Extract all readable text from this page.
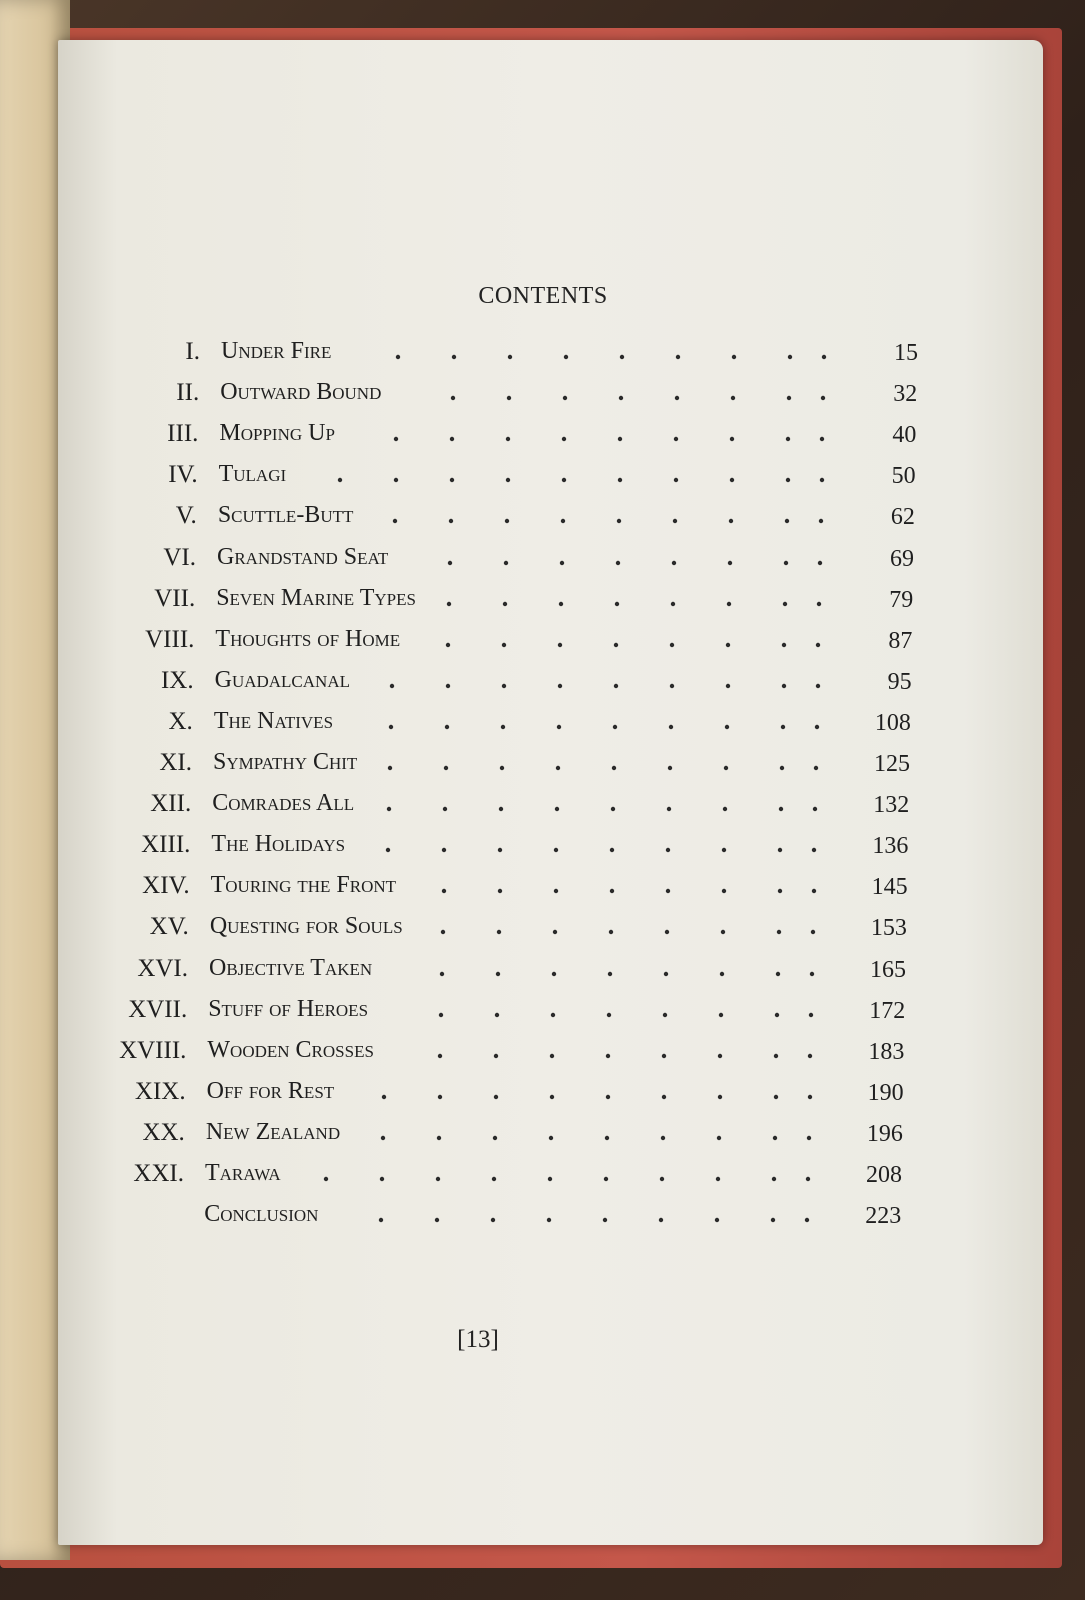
CONTENTS
I. Under Fire	15
II. Outward Bound	32
III. Mopping Up	40
IV. Tulagi	50
V. Scuttle-Butt	62
VI. Grandstand Seat	69
VII. Seven Marine Types	79
VIII. Thoughts of Home	87
IX. Guadalcanal	95
X. The Natives	108
XI. Sympathy Chit	125
XII. Comrades All	132
XIII. The Holidays	136
XIV. Touring the Front	145
XV. Questing for Souls	153
XVI. Objective Taken	165
XVII. Stuff of Heroes	172
XVIII. Wooden Crosses	183
XIX. Off for Rest	190
XX. New Zealand	196
XXI. Tarawa	208
Conclusion	223
[13]
